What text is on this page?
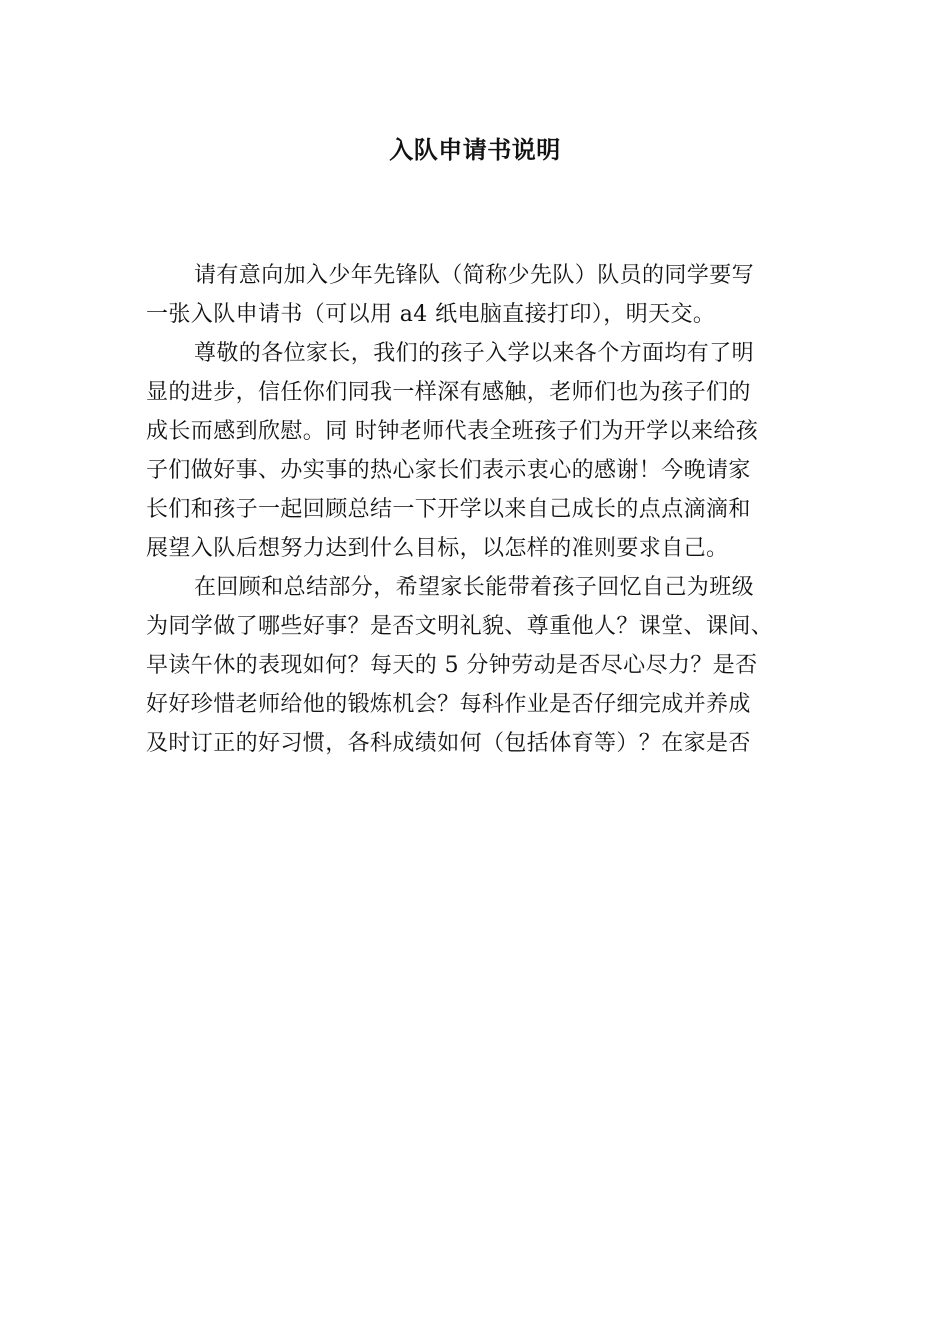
入队申请书说明
请有意向加入少年先锋队（简称少先队）队员的同学要写
一张入队申请书（可以用 a4 纸电脑直接打印），明天交。
尊敬的各位家长，我们的孩子入学以来各个方面均有了明
显的进步，信任你们同我一样深有感触，老师们也为孩子们的
成长而感到欣慰。同 时钟老师代表全班孩子们为开学以来给孩
子们做好事、办实事的热心家长们表示衷心的感谢！今晚请家
长们和孩子一起回顾总结一下开学以来自己成长的点点滴滴和
展望入队后想努力达到什么目标，以怎样的准则要求自己。
在回顾和总结部分，希望家长能带着孩子回忆自己为班级
为同学做了哪些好事？是否文明礼貌、尊重他人？课堂、课间、
早读午休的表现如何？每天的 5 分钟劳动是否尽心尽力？是否
好好珍惜老师给他的锻炼机会？每科作业是否仔细完成并养成
及时订正的好习惯，各科成绩如何（包括体育等）？在家是否
